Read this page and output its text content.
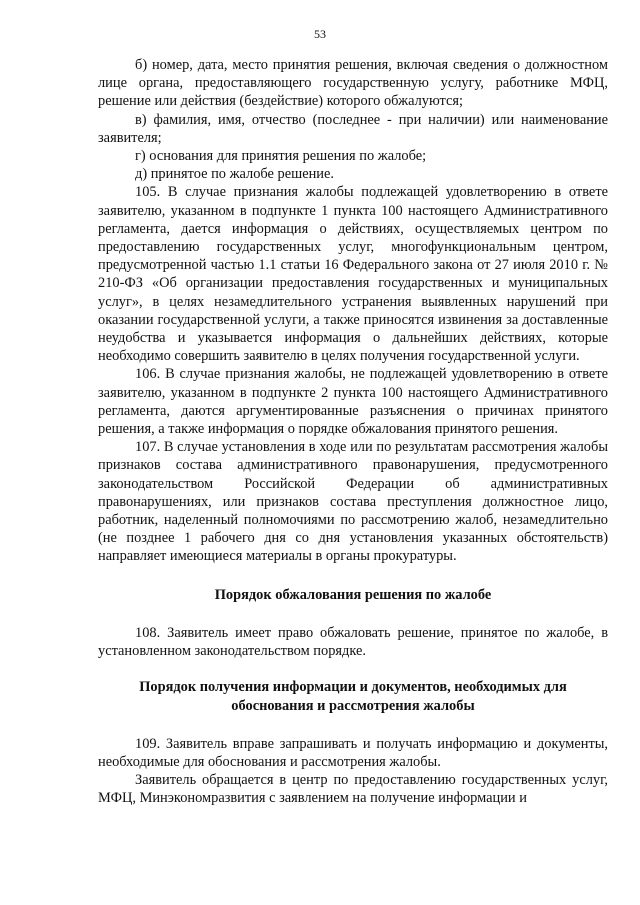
53

б) номер, дата, место принятия решения, включая сведения о должностном лице органа, предоставляющего государственную услугу, работнике МФЦ, решение или действия (бездействие) которого обжалуются;

в) фамилия, имя, отчество (последнее - при наличии) или наименование заявителя;

г) основания для принятия решения по жалобе;

д) принятое по жалобе решение.

105. В случае признания жалобы подлежащей удовлетворению в ответе заявителю, указанном в подпункте 1 пункта 100 настоящего Административного регламента, дается информация о действиях, осуществляемых центром по предоставлению государственных услуг, многофункциональным центром, предусмотренной частью 1.1 статьи 16 Федерального закона от 27 июля 2010 г. № 210-ФЗ «Об организации предоставления государственных и муниципальных услуг», в целях незамедлительного устранения выявленных нарушений при оказании государственной услуги, а также приносятся извинения за доставленные неудобства и указывается информация о дальнейших действиях, которые необходимо совершить заявителю в целях получения государственной услуги.

106. В случае признания жалобы, не подлежащей удовлетворению в ответе заявителю, указанном в подпункте 2 пункта 100 настоящего Административного регламента, даются аргументированные разъяснения о причинах принятого решения, а также информация о порядке обжалования принятого решения.

107. В случае установления в ходе или по результатам рассмотрения жалобы признаков состава административного правонарушения, предусмотренного законодательством Российской Федерации об административных правонарушениях, или признаков состава преступления должностное лицо, работник, наделенный полномочиями по рассмотрению жалоб, незамедлительно (не позднее 1 рабочего дня со дня установления указанных обстоятельств) направляет имеющиеся материалы в органы прокуратуры.

Порядок обжалования решения по жалобе

108. Заявитель имеет право обжаловать решение, принятое по жалобе, в установленном законодательством порядке.

Порядок получения информации и документов, необходимых для
обоснования и рассмотрения жалобы

109. Заявитель вправе запрашивать и получать информацию и документы, необходимые для обоснования и рассмотрения жалобы.

Заявитель обращается в центр по предоставлению государственных услуг, МФЦ, Минэкономразвития с заявлением на получение информации и
